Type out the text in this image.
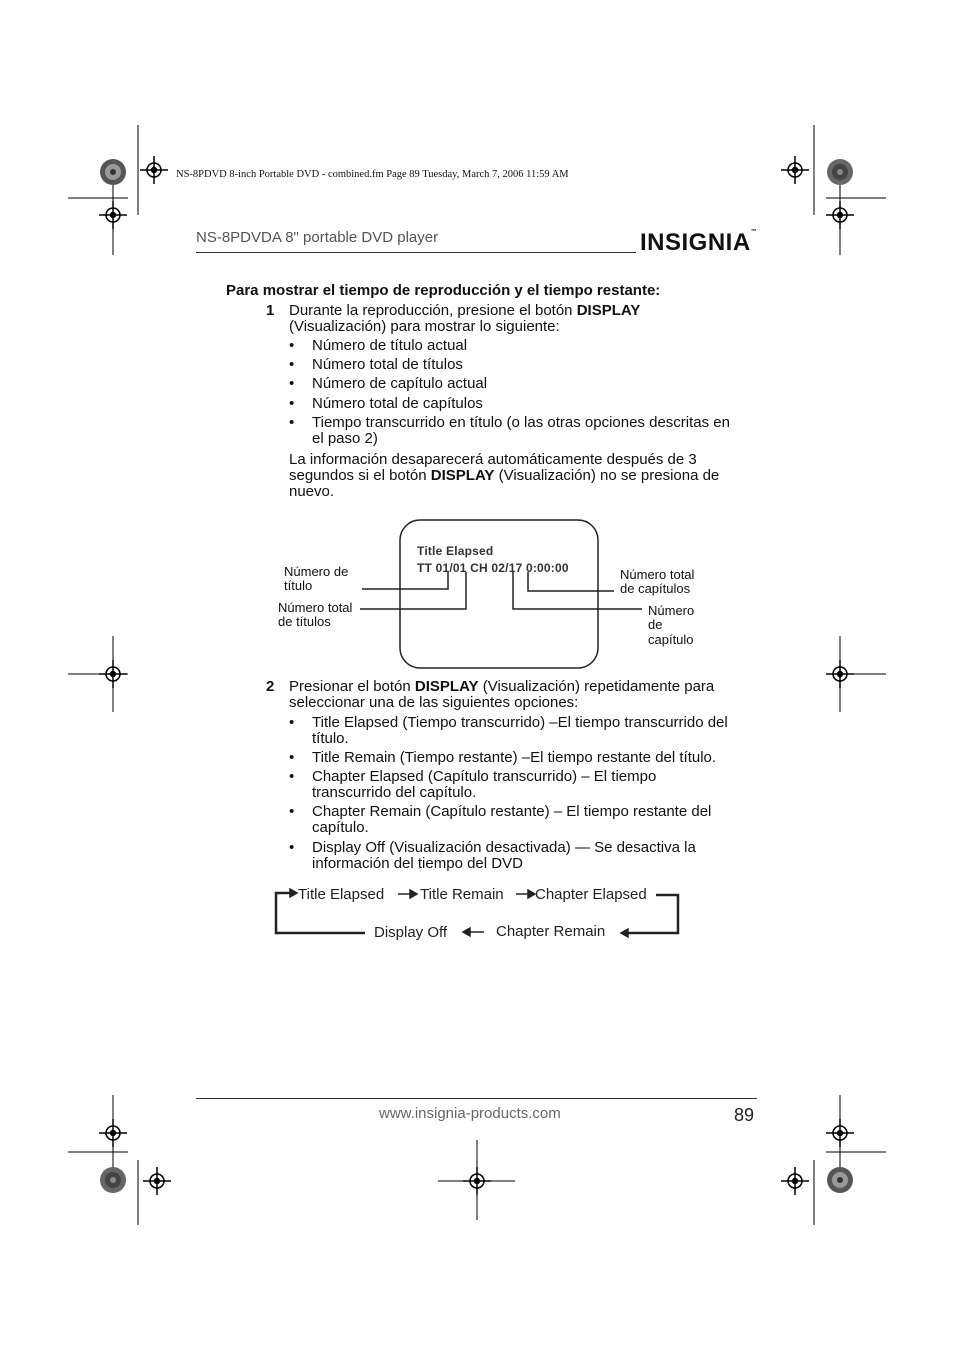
NS-8PDVD 8-inch Portable DVD - combined.fm Page 89 Tuesday, March 7, 2006 11:59 AM
NS-8PDVDA 8" portable DVD player	INSIGNIA™
Para mostrar el tiempo de reproducción y el tiempo restante:
1 Durante la reproducción, presione el botón DISPLAY
(Visualización) para mostrar lo siguiente:
• Número de título actual
• Número total de títulos
• Número de capítulo actual
• Número total de capítulos
• Tiempo transcurrido en título (o las otras opciones descritas en
el paso 2)
La información desaparecerá automáticamente después de 3
segundos si el botón DISPLAY (Visualización) no se presiona de
nuevo.
Title Elapsed
TT 01/01 CH 02/17 0:00:00
Número de
título
Número total
de títulos
Número total
de capítulos
Número
de
capítulo
2 Presionar el botón DISPLAY (Visualización) repetidamente para
seleccionar una de las siguientes opciones:
• Title Elapsed (Tiempo transcurrido) –El tiempo transcurrido del
título.
• Title Remain (Tiempo restante) –El tiempo restante del título.
• Chapter Elapsed (Capítulo transcurrido) – El tiempo
transcurrido del capítulo.
• Chapter Remain (Capítulo restante) – El tiempo restante del
capítulo.
• Display Off (Visualización desactivada) — Se desactiva la
información del tiempo del DVD
Title Elapsed Title Remain Chapter Elapsed
Chapter Remain
Display Off
www.insignia-products.com	89
